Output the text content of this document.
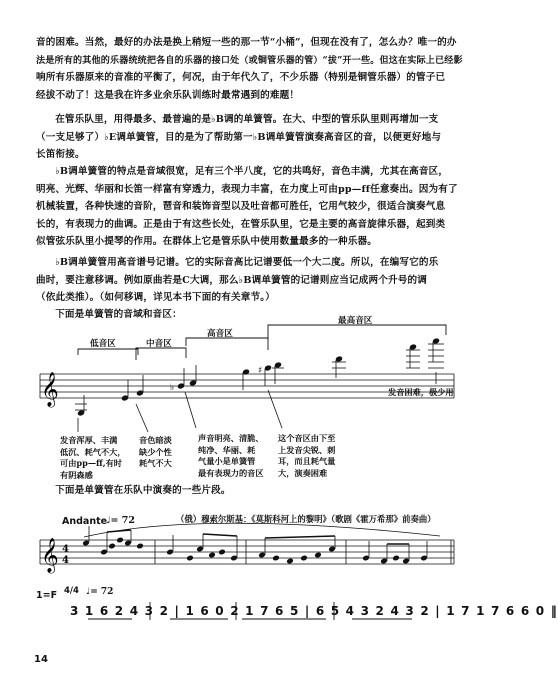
音的困难。当然，最好的办法是换上稍短一些的那一节“小桶”，但现在没有了，怎么办？唯一的办
法是所有的其他的乐器统统把各自的乐器的接口处（或铜管乐器的管）“拔”开一些。但这在实际上已经影
响所有乐器原来的音准的平衡了，何况，由于年代久了，不少乐器（特别是铜管乐器）的管子已
经拔不动了！这是我在许多业余乐队训练时最常遇到的难题！
在管乐队里，用得最多、最普遍的是♭B调的单簧管。在大、中型的管乐队里则再增加一支
（一支足够了）♭E调单簧管，目的是为了帮助第一♭B调单簧管演奏高音区的音，以便更好地与
长笛衔接。
♭B调单簧管的特点是音域很宽，足有三个半八度，它的共鸣好，音色丰满，尤其在高音区，
明亮、光辉、华丽和长笛一样富有穿透力，表现力丰富，在力度上可由pp—ff任意奏出。因为有了
机械装置，各种快速的音阶，琶音和装饰音型以及吐音都可胜任，它用气较少，很适合演奏气息
长的，有表现力的曲调。正是由于有这些长处，在管乐队里，它是主要的高音旋律乐器，起到类
似管弦乐队里小提琴的作用。在群体上它是管乐队中使用数量最多的一种乐器。
♭B调单簧管用高音谱号记谱。它的实际音高比记谱要低一个大二度。所以，在编写它的乐
曲时，要注意移调。例如原曲若是C大调，那么♭B调单簧管的记谱则应当记成两个升号的调
（依此类推）。（如何移调，详见本书下面的有关章节。）
下面是单簧管的音域和音区：
𝄞	♭
♯
𝄞 4
4
低音区	中音区
高音区
最高音区
发音浑厚、丰满
低沉、耗气不大，
可由pp—ff,有时
有阴森感
音色暗淡
缺少个性
耗气不大
声音明亮、清脆、
纯净、华丽、耗
气量小是单簧管
最有表现力的音区
这个音区由下至
上发音尖锐、刺
耳，而且耗气量
大，演奏困难
发音困难，极少用
下面是单簧管在乐队中演奏的一些片段。
Andante
♩= 72	（俄）穆索尔斯基：《莫斯科河上的黎明》（歌剧《霍万希那》前奏曲）
1=F 4/4 ♩= 72
3 1 6 2 4 3 2 | 1 6 0 2 1 7 6 5 | 6 5 4 3 2 4 3 2 | 1 7 1 7 6 6 0 ‖
14
